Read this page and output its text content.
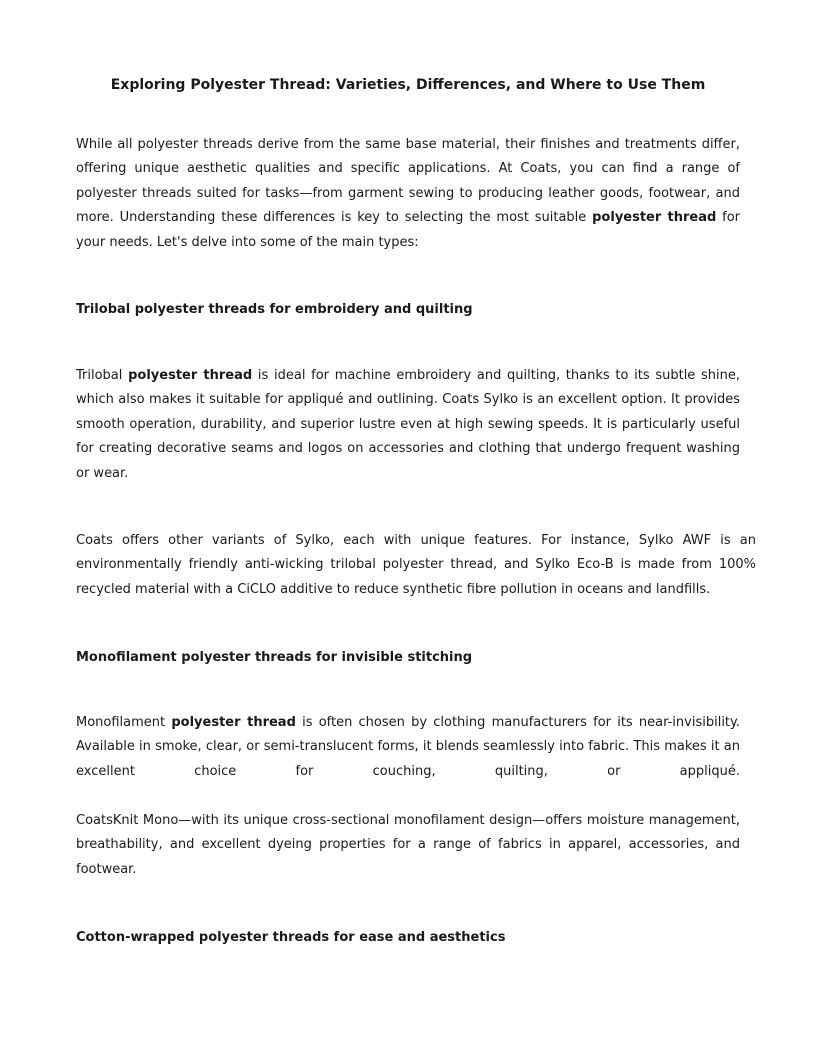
Exploring Polyester Thread: Varieties, Differences, and Where to Use Them

While all polyester threads derive from the same base material, their finishes and treatments differ, offering unique aesthetic qualities and specific applications. At Coats, you can find a range of polyester threads suited for tasks—from garment sewing to producing leather goods, footwear, and more. Understanding these differences is key to selecting the most suitable polyester thread for your needs. Let's delve into some of the main types:

Trilobal polyester threads for embroidery and quilting

Trilobal polyester thread is ideal for machine embroidery and quilting, thanks to its subtle shine, which also makes it suitable for appliqué and outlining. Coats Sylko is an excellent option. It provides smooth operation, durability, and superior lustre even at high sewing speeds. It is particularly useful for creating decorative seams and logos on accessories and clothing that undergo frequent washing or wear.

Coats offers other variants of Sylko, each with unique features. For instance, Sylko AWF is an environmentally friendly anti-wicking trilobal polyester thread, and Sylko Eco-B is made from 100% recycled material with a CiCLO additive to reduce synthetic fibre pollution in oceans and landfills.

Monofilament polyester threads for invisible stitching

Monofilament polyester thread is often chosen by clothing manufacturers for its near-invisibility. Available in smoke, clear, or semi-translucent forms, it blends seamlessly into fabric. This makes it an excellent choice for couching, quilting, or appliqué.

CoatsKnit Mono—with its unique cross-sectional monofilament design—offers moisture management, breathability, and excellent dyeing properties for a range of fabrics in apparel, accessories, and footwear.

Cotton-wrapped polyester threads for ease and aesthetics
